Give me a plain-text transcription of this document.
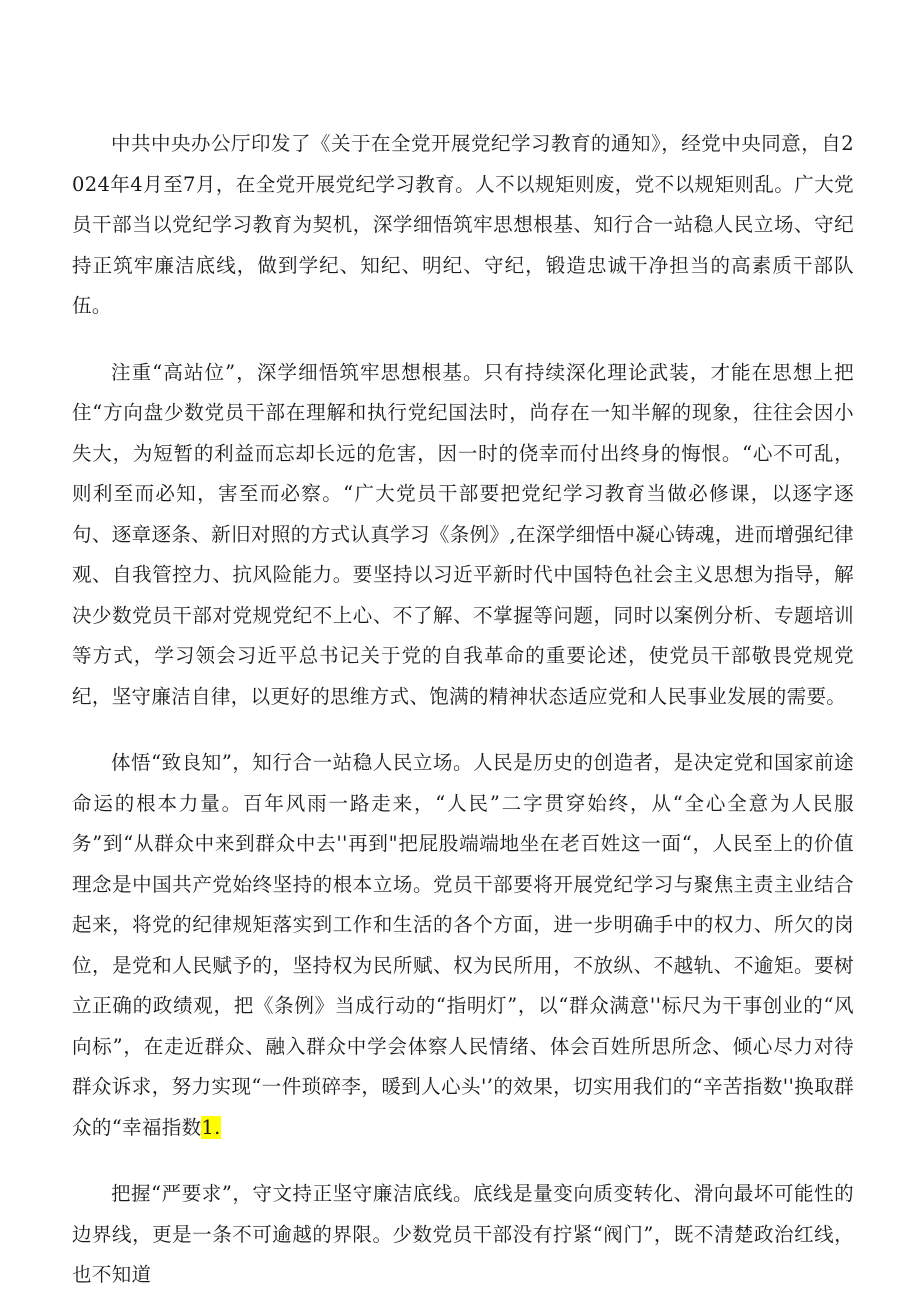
中共中央办公厅印发了《关于在全党开展党纪学习教育的通知》，经党中央同意，自2024年4月至7月，在全党开展党纪学习教育。人不以规矩则废，党不以规矩则乱。广大党员干部当以党纪学习教育为契机，深学细悟筑牢思想根基、知行合一站稳人民立场、守纪持正筑牢廉洁底线，做到学纪、知纪、明纪、守纪，锻造忠诚干净担当的高素质干部队伍。

注重“高站位”，深学细悟筑牢思想根基。只有持续深化理论武装，才能在思想上把住“方向盘少数党员干部在理解和执行党纪国法时，尚存在一知半解的现象，往往会因小失大，为短暂的利益而忘却长远的危害，因一时的侥幸而付出终身的悔恨。“心不可乱，则利至而必知，害至而必察。“广大党员干部要把党纪学习教育当做必修课，以逐字逐句、逐章逐条、新旧对照的方式认真学习《条例》,在深学细悟中凝心铸魂，进而增强纪律观、自我管控力、抗风险能力。要坚持以习近平新时代中国特色社会主义思想为指导，解决少数党员干部对党规党纪不上心、不了解、不掌握等问题，同时以案例分析、专题培训等方式，学习领会习近平总书记关于党的自我革命的重要论述，使党员干部敬畏党规党纪，坚守廉洁自律，以更好的思维方式、饱满的精神状态适应党和人民事业发展的需要。

体悟“致良知”，知行合一站稳人民立场。人民是历史的创造者，是决定党和国家前途命运的根本力量。百年风雨一路走来，“人民”二字贯穿始终，从“全心全意为人民服务”到“从群众中来到群众中去''再到"把屁股端端地坐在老百姓这一面“，人民至上的价值理念是中国共产党始终坚持的根本立场。党员干部要将开展党纪学习与聚焦主责主业结合起来，将党的纪律规矩落实到工作和生活的各个方面，进一步明确手中的权力、所欠的岗位，是党和人民赋予的，坚持权为民所赋、权为民所用，不放纵、不越轨、不逾矩。要树立正确的政绩观，把《条例》当成行动的“指明灯”，以“群众满意''标尺为干事创业的“风向标”，在走近群众、融入群众中学会体察人民情绪、体会百姓所思所念、倾心尽力对待群众诉求，努力实现“一件琐碎李，暖到人心头'’的效果，切实用我们的“辛苦指数''换取群众的“幸福指数1.

把握“严要求”，守文持正坚守廉洁底线。底线是量变向质变转化、滑向最坏可能性的边界线，更是一条不可逾越的界限。少数党员干部没有拧紧“阀门”，既不清楚政治红线，也不知道
